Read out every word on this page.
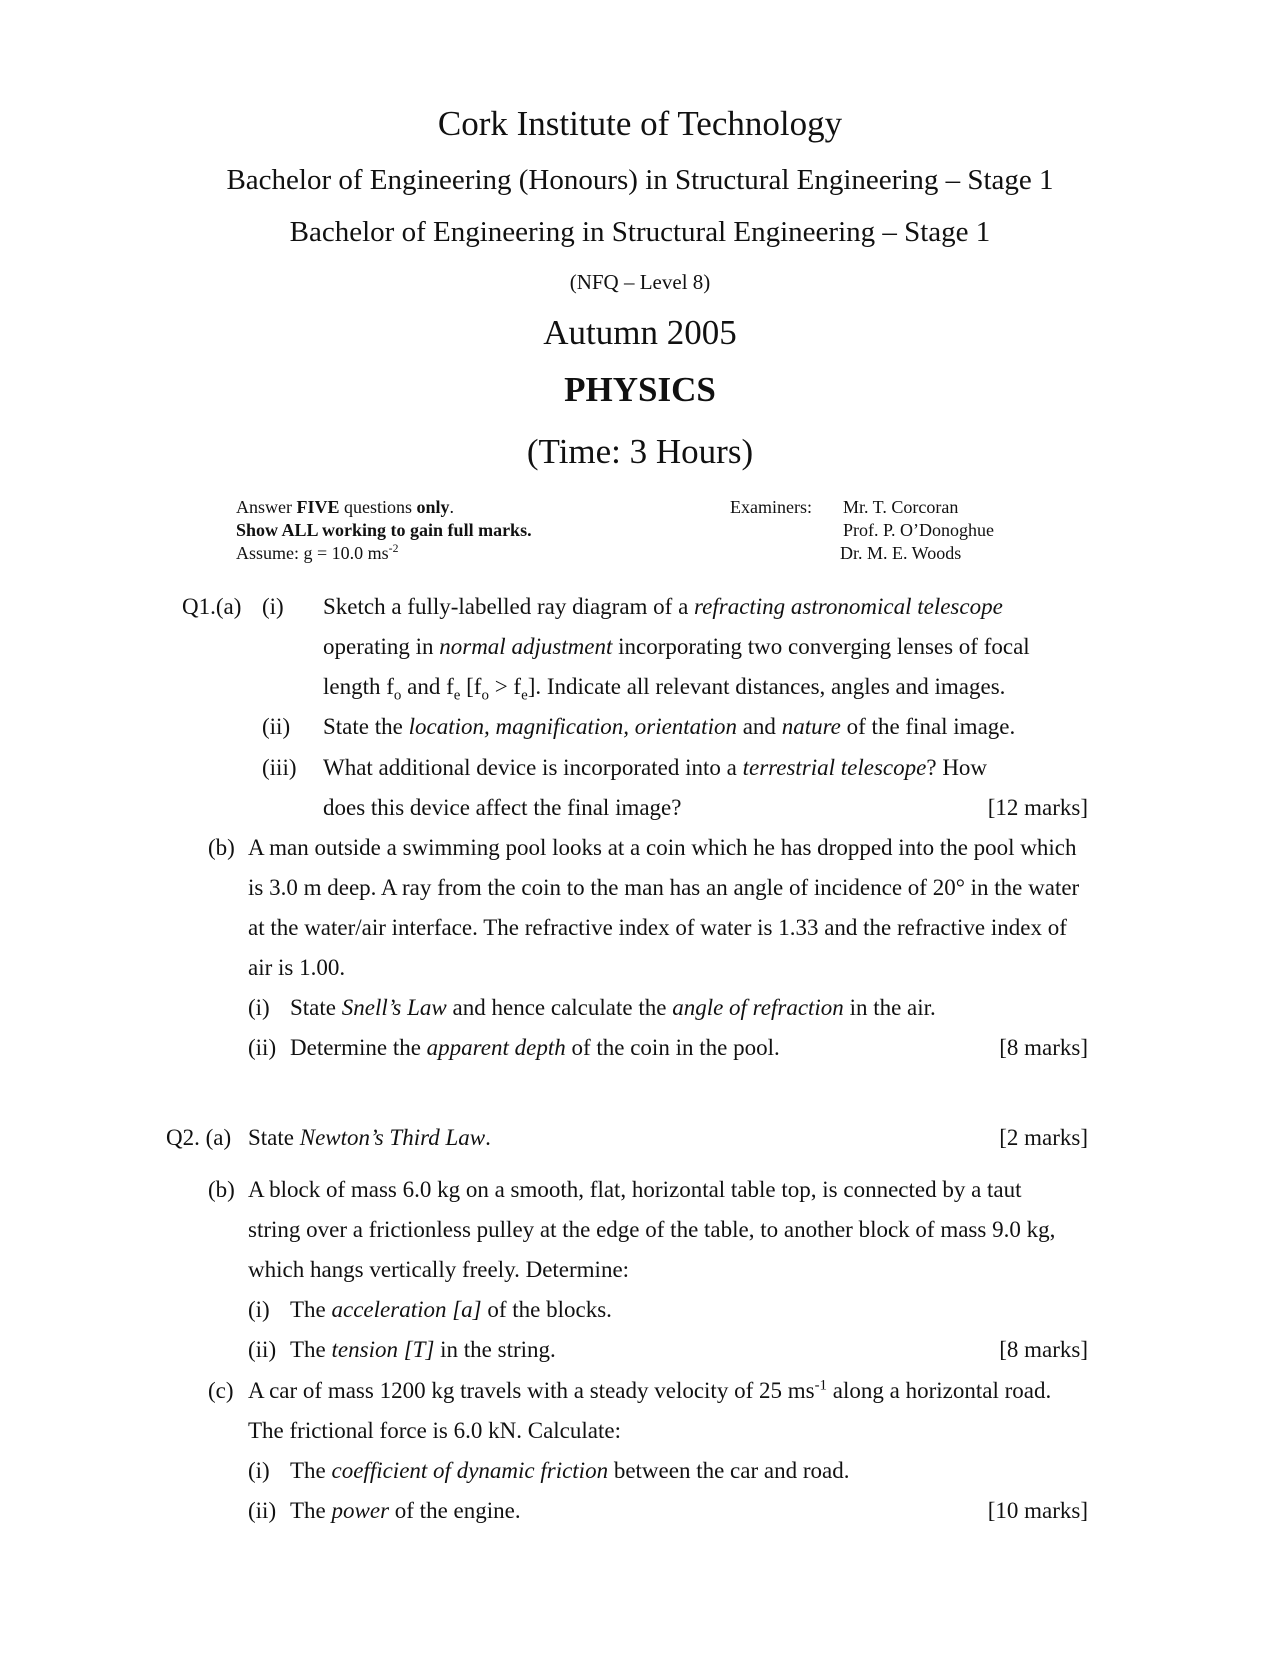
Cork Institute of Technology
Bachelor of Engineering (Honours) in Structural Engineering – Stage 1
Bachelor of Engineering in Structural Engineering – Stage 1
(NFQ – Level 8)
Autumn 2005
PHYSICS
(Time: 3 Hours)
Answer FIVE questions only.
Show ALL working to gain full marks.
Assume: g = 10.0 $ms^{-2}$
Examiners: Mr. T. Corcoran
Prof. P. O’Donoghue
Dr. M. E. Woods
Q1.(a) (i) Sketch a fully-labelled ray diagram of a refracting astronomical telescope
operating in normal adjustment incorporating two converging lenses of focal
length $f_o$ and $f_e$ $[f_o > f_e]$. Indicate all relevant distances, angles and images.
(ii) State the location, magnification, orientation and nature of the final image.
(iii) What additional device is incorporated into a terrestrial telescope? How
does this device affect the final image?	[12 marks]
(b) A man outside a swimming pool looks at a coin which he has dropped into the pool which
is 3.0 m deep. A ray from the coin to the man has an angle of incidence of 20° in the water
at the water/air interface. The refractive index of water is 1.33 and the refractive index of
air is 1.00.
(i) State Snell’s Law and hence calculate the angle of refraction in the air.
(ii) Determine the apparent depth of the coin in the pool.	[8 marks]
Q2. (a) State Newton’s Third Law.	[2 marks]
(b) A block of mass 6.0 kg on a smooth, flat, horizontal table top, is connected by a taut
string over a frictionless pulley at the edge of the table, to another block of mass 9.0 kg,
which hangs vertically freely. Determine:
(i) The acceleration [a] of the blocks.
(ii) The tension [T] in the string.	[8 marks]
(c) A car of mass 1200 kg travels with a steady velocity of 25 $ms^{-1}$ along a horizontal road.
The frictional force is 6.0 kN. Calculate:
(i) The coefficient of dynamic friction between the car and road.
(ii) The power of the engine.	[10 marks]
